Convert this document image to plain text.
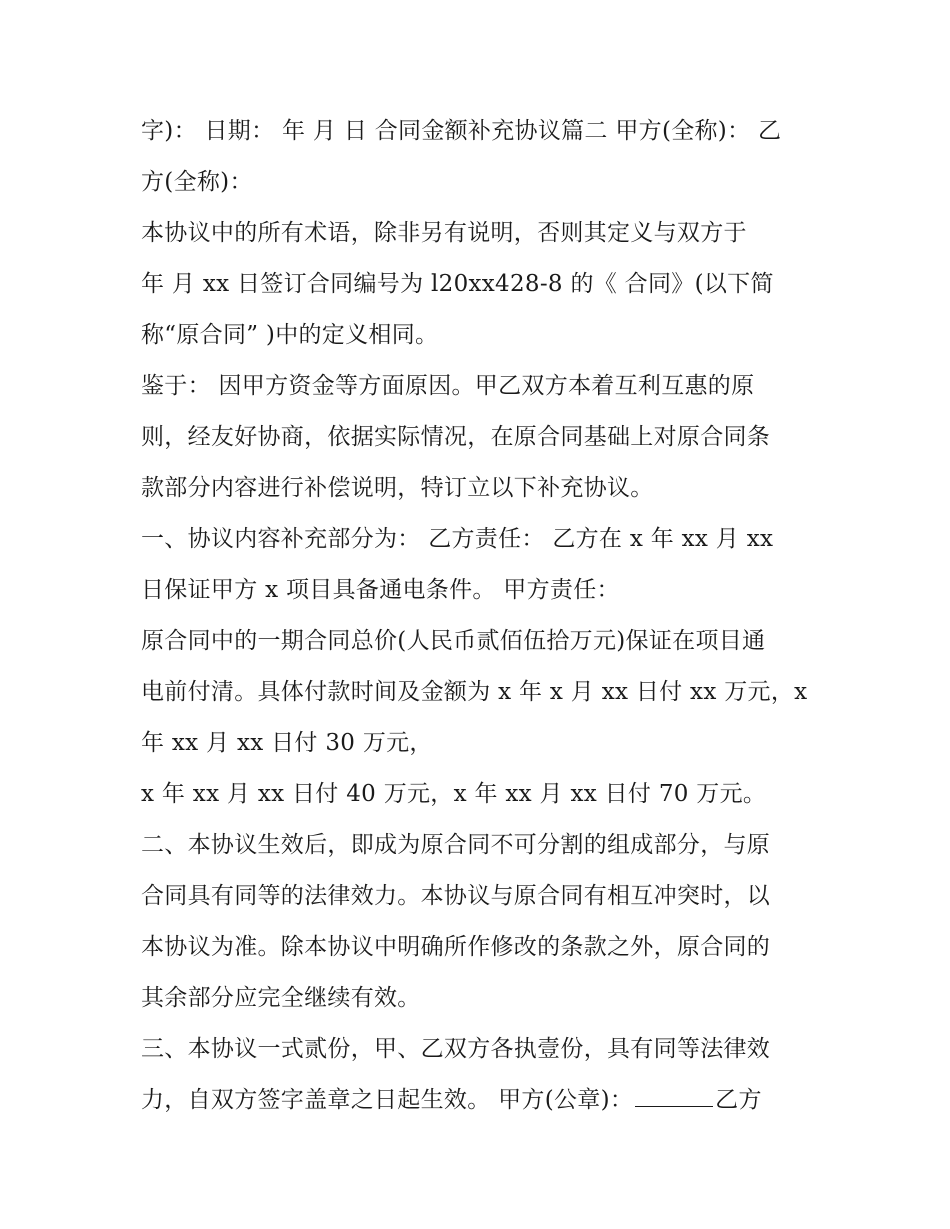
字)： 日期： 年 月 日 合同金额补充协议篇二 甲方(全称)： 乙
方(全称)：
本协议中的所有术语，除非另有说明，否则其定义与双方于
年 月 xx 日签订合同编号为 l20xx428-8 的《 合同》(以下简
称“原合同” )中的定义相同。
鉴于： 因甲方资金等方面原因。甲乙双方本着互利互惠的原
则，经友好协商，依据实际情况，在原合同基础上对原合同条
款部分内容进行补偿说明，特订立以下补充协议。
一、协议内容补充部分为： 乙方责任： 乙方在 x 年 xx 月 xx
日保证甲方 x 项目具备通电条件。 甲方责任：
原合同中的一期合同总价(人民币贰佰伍拾万元)保证在项目通
电前付清。具体付款时间及金额为 x 年 x 月 xx 日付 xx 万元，x
年 xx 月 xx 日付 30 万元，
x 年 xx 月 xx 日付 40 万元，x 年 xx 月 xx 日付 70 万元。
二、本协议生效后，即成为原合同不可分割的组成部分，与原
合同具有同等的法律效力。本协议与原合同有相互冲突时，以
本协议为准。除本协议中明确所作修改的条款之外，原合同的
其余部分应完全继续有效。
三、本协议一式贰份，甲、乙双方各执壹份，具有同等法律效
力，自双方签字盖章之日起生效。 甲方(公章)：	乙方
